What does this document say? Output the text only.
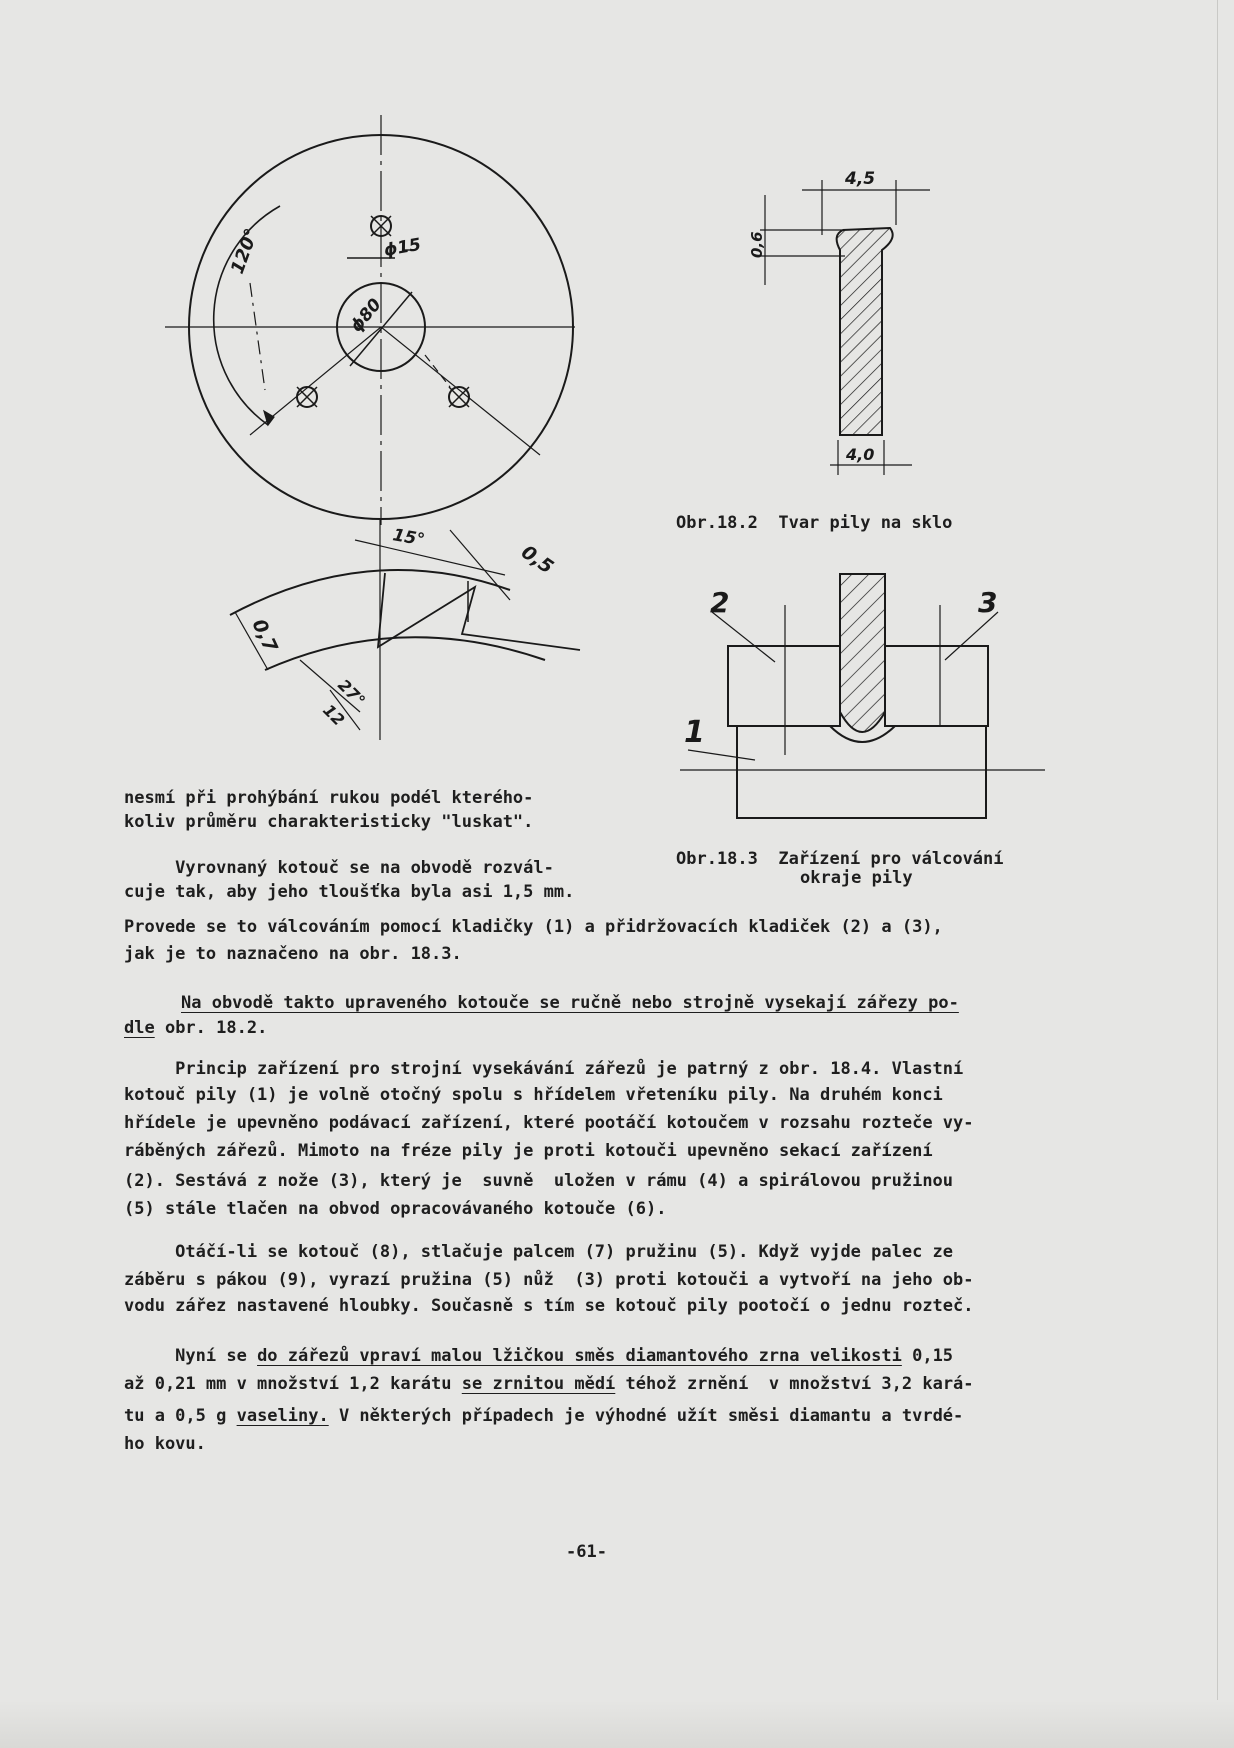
ϕ15
ϕ80
120°
15°
0,5
0,7
27°
12
4,5
0,6
4,0
2	3
1

Obr.18.2  Tvar pily na sklo

Obr.18.3  Zařízení pro válcování

okraje pily

nesmí při prohýbání rukou podél kterého-

koliv průměru charakteristicky "luskat".

Vyrovnaný kotouč se na obvodě rozvál-

cuje tak, aby jeho tloušťka byla asi 1,5 mm.

Provede se to válcováním pomocí kladičky (1) a přidržovacích kladiček (2) a (3),

jak je to naznačeno na obr. 18.3.

Na obvodě takto upraveného kotouče se ručně nebo strojně vysekají zářezy po-

dle obr. 18.2.

Princip zařízení pro strojní vysekávání zářezů je patrný z obr. 18.4. Vlastní

kotouč pily (1) je volně otočný spolu s hřídelem vřeteníku pily. Na druhém konci

hřídele je upevněno podávací zařízení, které pootáčí kotoučem v rozsahu rozteče vy-

ráběných zářezů. Mimoto na fréze pily je proti kotouči upevněno sekací zařízení

(2). Sestává z nože (3), který je  suvně  uložen v rámu (4) a spirálovou pružinou

(5) stále tlačen na obvod opracovávaného kotouče (6).

Otáčí-li se kotouč (8), stlačuje palcem (7) pružinu (5). Když vyjde palec ze

záběru s pákou (9), vyrazí pružina (5) nůž  (3) proti kotouči a vytvoří na jeho ob-

vodu zářez nastavené hloubky. Současně s tím se kotouč pily pootočí o jednu rozteč.

Nyní se do zářezů vpraví malou lžičkou směs diamantového zrna velikosti 0,15

až 0,21 mm v množství 1,2 karátu se zrnitou mědí téhož zrnění  v množství 3,2 kará-

tu a 0,5 g vaseliny. V některých případech je výhodné užít směsi diamantu a tvrdé-

ho kovu.

-61-
